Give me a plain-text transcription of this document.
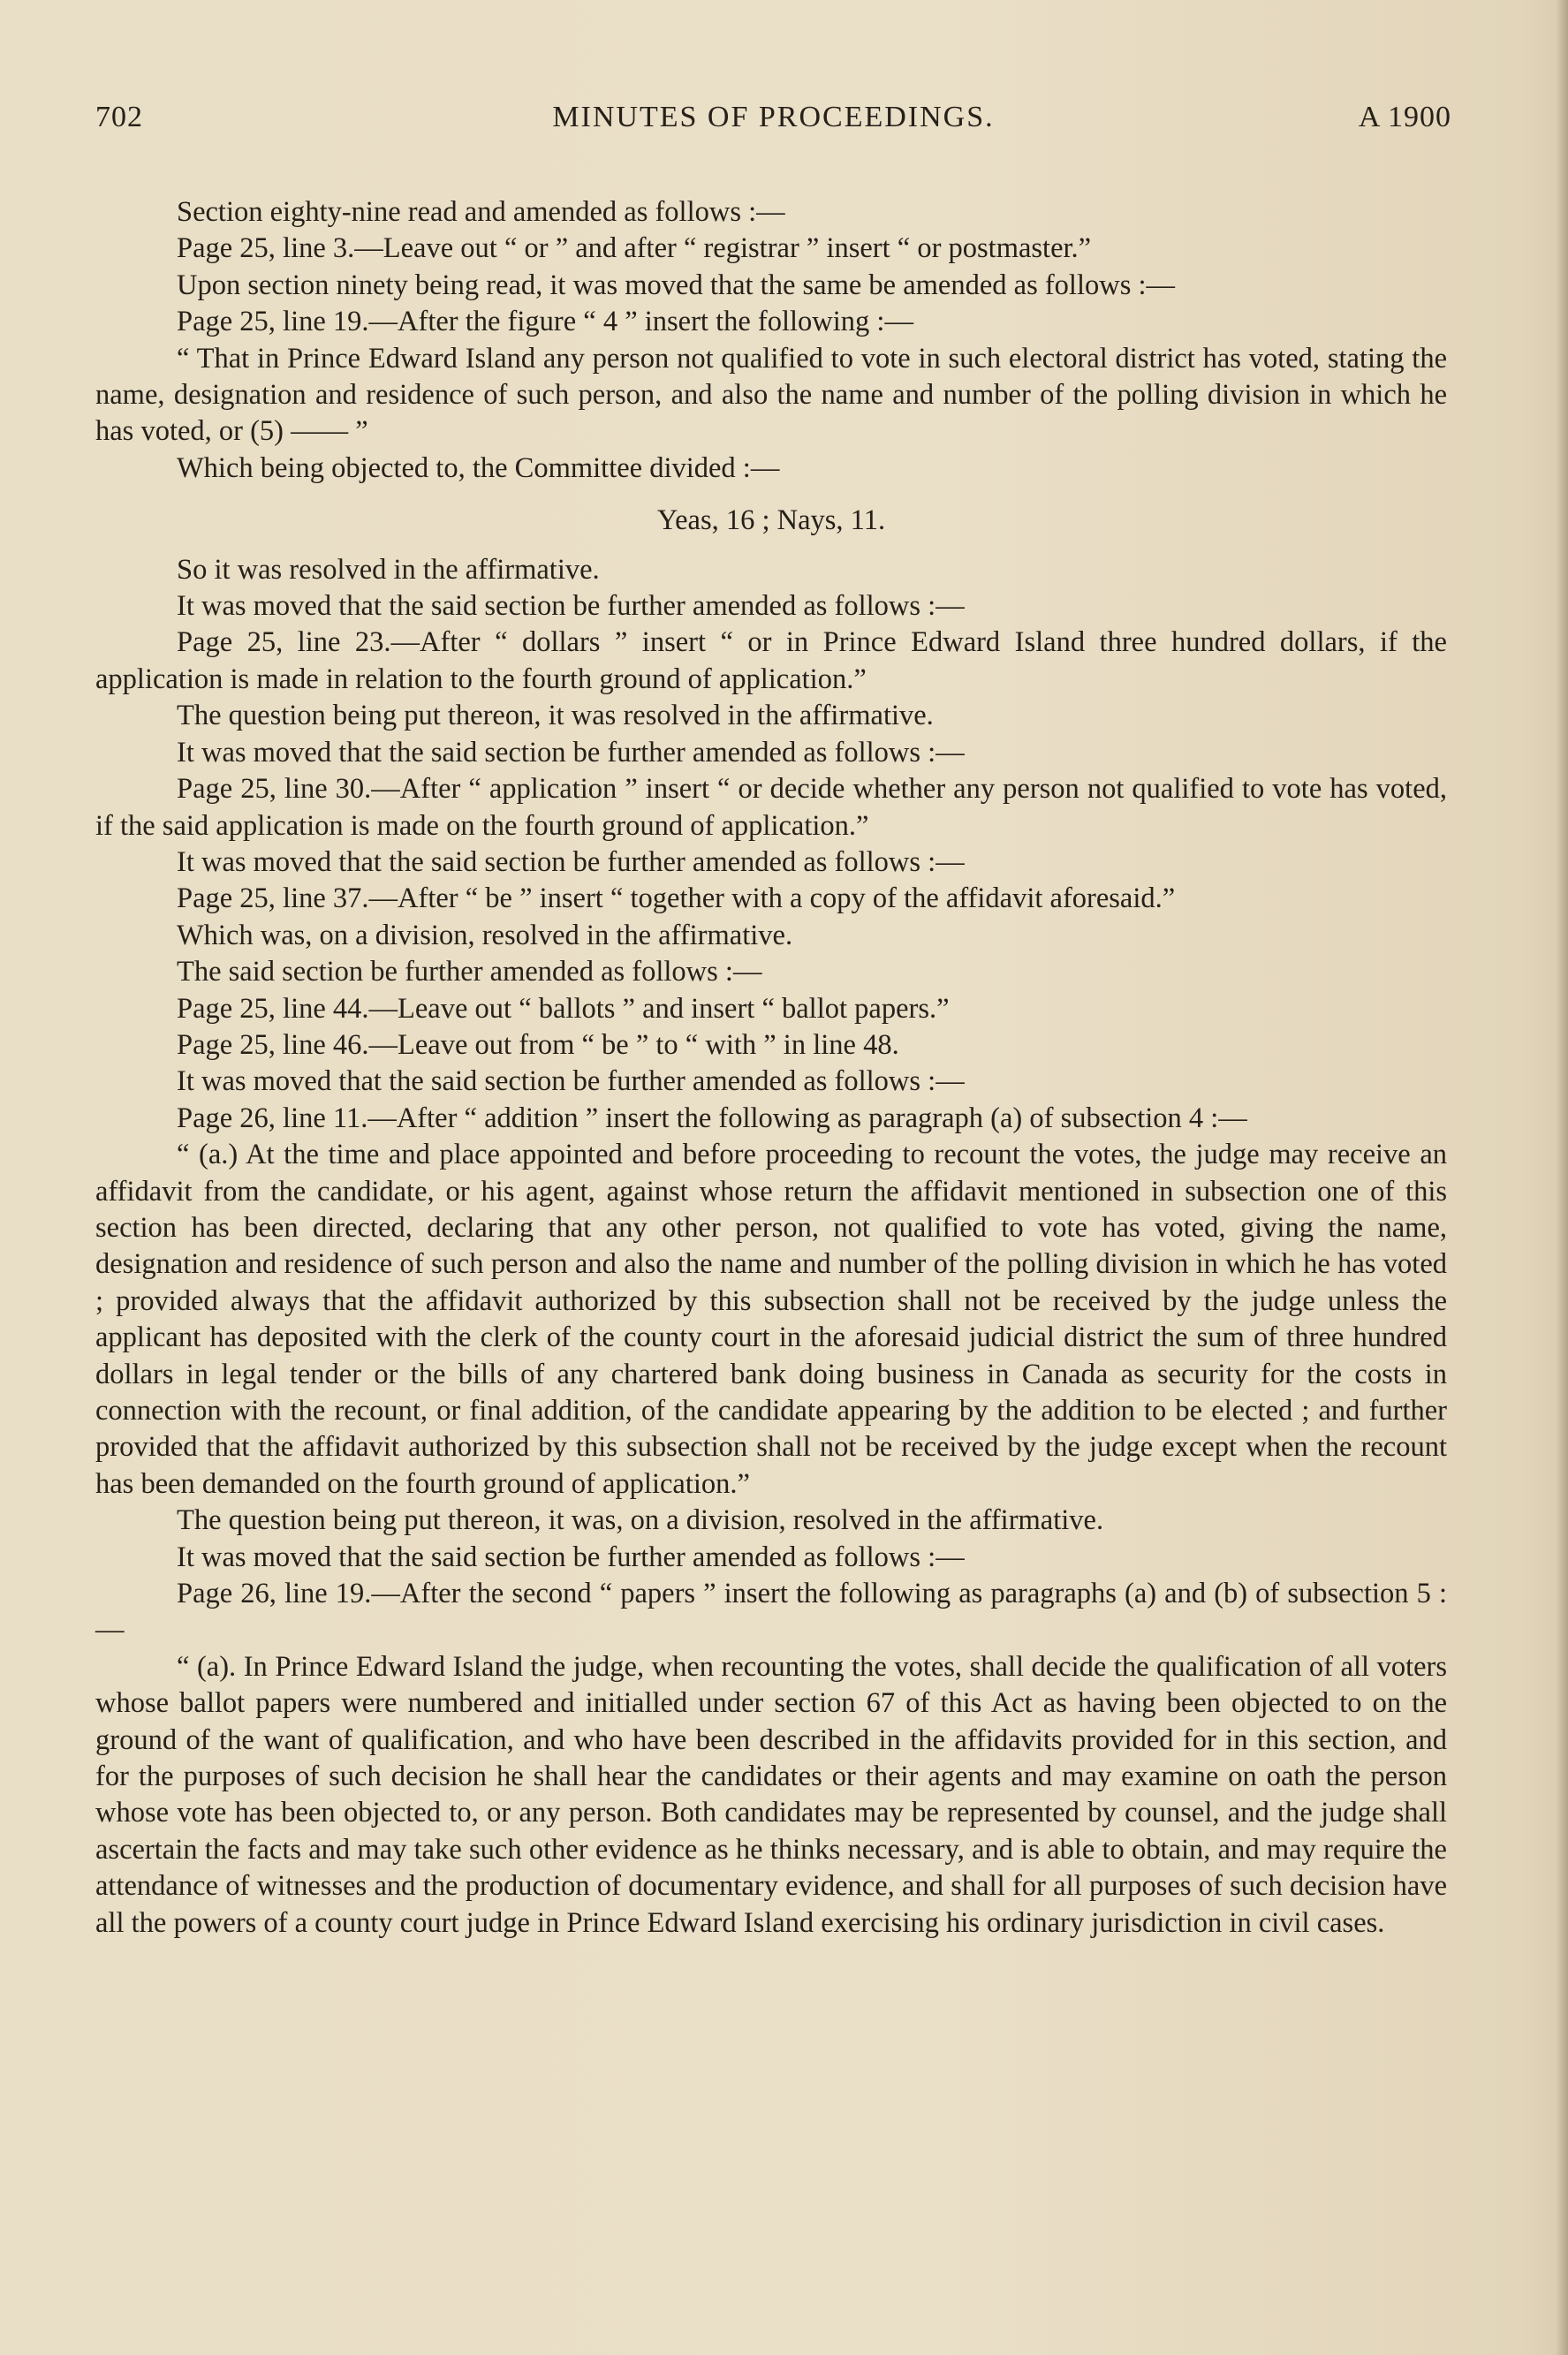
702	MINUTES OF PROCEEDINGS.	A 1900

Section eighty-nine read and amended as follows :—

Page 25, line 3.—Leave out “ or ” and after “ registrar ” insert “ or postmaster.”

Upon section ninety being read, it was moved that the same be amended as follows :—

Page 25, line 19.—After the figure “ 4 ” insert the following :—

“ That in Prince Edward Island any person not qualified to vote in such electoral district has voted, stating the name, designation and residence of such person, and also the name and number of the polling division in which he has voted, or (5) —— ”

Which being objected to, the Committee divided :—

Yeas, 16 ; Nays, 11.

So it was resolved in the affirmative.

It was moved that the said section be further amended as follows :—

Page 25, line 23.—After “ dollars ” insert “ or in Prince Edward Island three hundred dollars, if the application is made in relation to the fourth ground of application.”

The question being put thereon, it was resolved in the affirmative.

It was moved that the said section be further amended as follows :—

Page 25, line 30.—After “ application ” insert “ or decide whether any person not qualified to vote has voted, if the said application is made on the fourth ground of application.”

It was moved that the said section be further amended as follows :—

Page 25, line 37.—After “ be ” insert “ together with a copy of the affidavit aforesaid.”

Which was, on a division, resolved in the affirmative.

The said section be further amended as follows :—

Page 25, line 44.—Leave out “ ballots ” and insert “ ballot papers.”

Page 25, line 46.—Leave out from “ be ” to “ with ” in line 48.

It was moved that the said section be further amended as follows :—

Page 26, line 11.—After “ addition ” insert the following as paragraph (a) of subsection 4 :—

“ (a.) At the time and place appointed and before proceeding to recount the votes, the judge may receive an affidavit from the candidate, or his agent, against whose return the affidavit mentioned in subsection one of this section has been directed, declaring that any other person, not qualified to vote has voted, giving the name, designation and residence of such person and also the name and number of the polling division in which he has voted ; provided always that the affidavit authorized by this subsection shall not be received by the judge unless the applicant has deposited with the clerk of the county court in the aforesaid judicial district the sum of three hundred dollars in legal tender or the bills of any chartered bank doing business in Canada as security for the costs in connection with the recount, or final addition, of the candidate appearing by the addition to be elected ; and further provided that the affidavit authorized by this subsection shall not be received by the judge except when the recount has been demanded on the fourth ground of application.”

The question being put thereon, it was, on a division, resolved in the affirmative.

It was moved that the said section be further amended as follows :—

Page 26, line 19.—After the second “ papers ” insert the following as paragraphs (a) and (b) of subsection 5 :—

“ (a). In Prince Edward Island the judge, when recounting the votes, shall decide the qualification of all voters whose ballot papers were numbered and initialled under section 67 of this Act as having been objected to on the ground of the want of qualification, and who have been described in the affidavits provided for in this section, and for the purposes of such decision he shall hear the candidates or their agents and may examine on oath the person whose vote has been objected to, or any person. Both candidates may be represented by counsel, and the judge shall ascertain the facts and may take such other evidence as he thinks necessary, and is able to obtain, and may require the attendance of witnesses and the production of documentary evidence, and shall for all purposes of such decision have all the powers of a county court judge in Prince Edward Island exercising his ordinary jurisdiction in civil cases.
